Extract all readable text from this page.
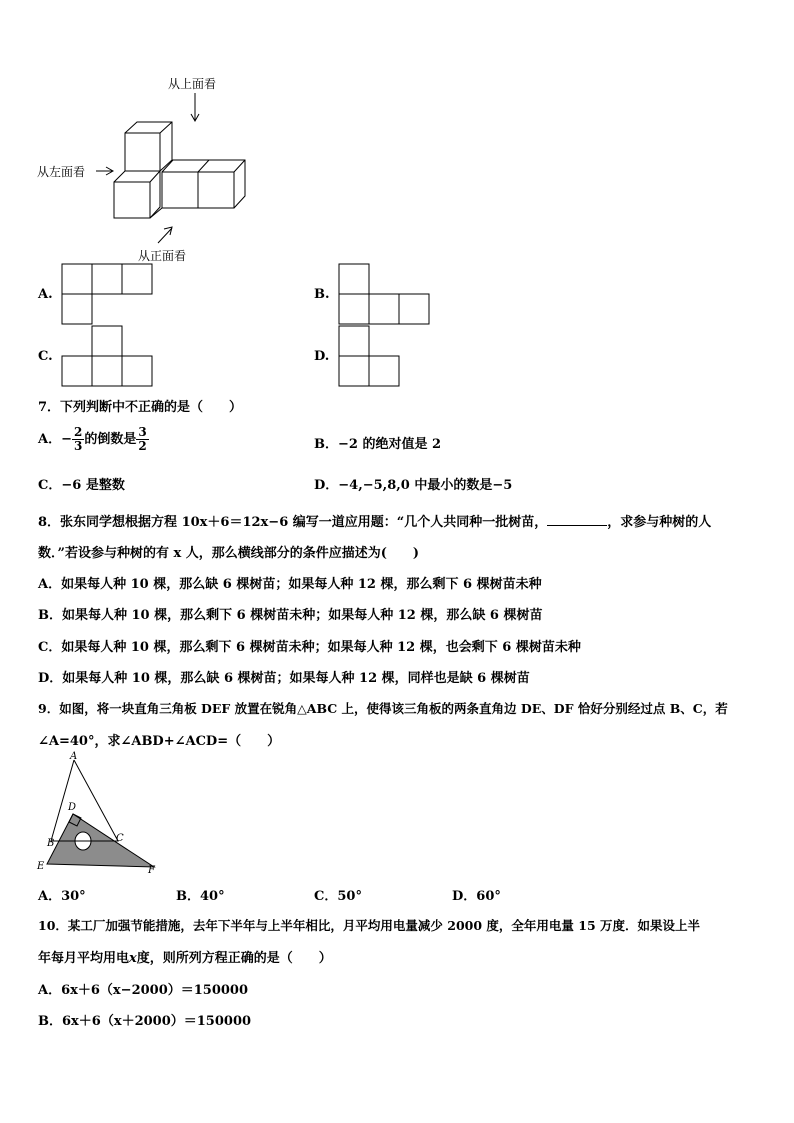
从上面看
从左面看
从正面看
A.	B.
C.	D.
7．下列判断中不正确的是（　　）
A．− $\frac{2}{3}$ 的倒数是 $\frac{3}{2}$	B．−2 的绝对值是 2
C．−6 是整数	D．−4,−5,8,0 中最小的数是−5
8．张东同学想根据方程 10x＋6＝12x−6 编写一道应用题：“几个人共同种一批树苗，	，求参与种树的人
数．”若设参与种树的有 x 人，那么横线部分的条件应描述为(　　)
A．如果每人种 10 棵，那么缺 6 棵树苗；如果每人种 12 棵，那么剩下 6 棵树苗未种
B．如果每人种 10 棵，那么剩下 6 棵树苗未种；如果每人种 12 棵，那么缺 6 棵树苗
C．如果每人种 10 棵，那么剩下 6 棵树苗未种；如果每人种 12 棵，也会剩下 6 棵树苗未种
D．如果每人种 10 棵，那么缺 6 棵树苗；如果每人种 12 棵，同样也是缺 6 棵树苗
9．如图，将一块直角三角板 DEF 放置在锐角△ABC 上，使得该三角板的两条直角边 DE、DF 恰好分别经过点 B、C，若
∠A=40°，求∠ABD+∠ACD=（　　）
A
D
B	C
E	F
A．30°	B．40°	C．50°	D．60°
10．某工厂加强节能措施，去年下半年与上半年相比，月平均用电量减少 2000 度，全年用电量 15 万度．如果设上半
年每月平均用电x度，则所列方程正确的是（　　）
A．6x＋6（x−2000）＝150000
B．6x＋6（x＋2000）＝150000
